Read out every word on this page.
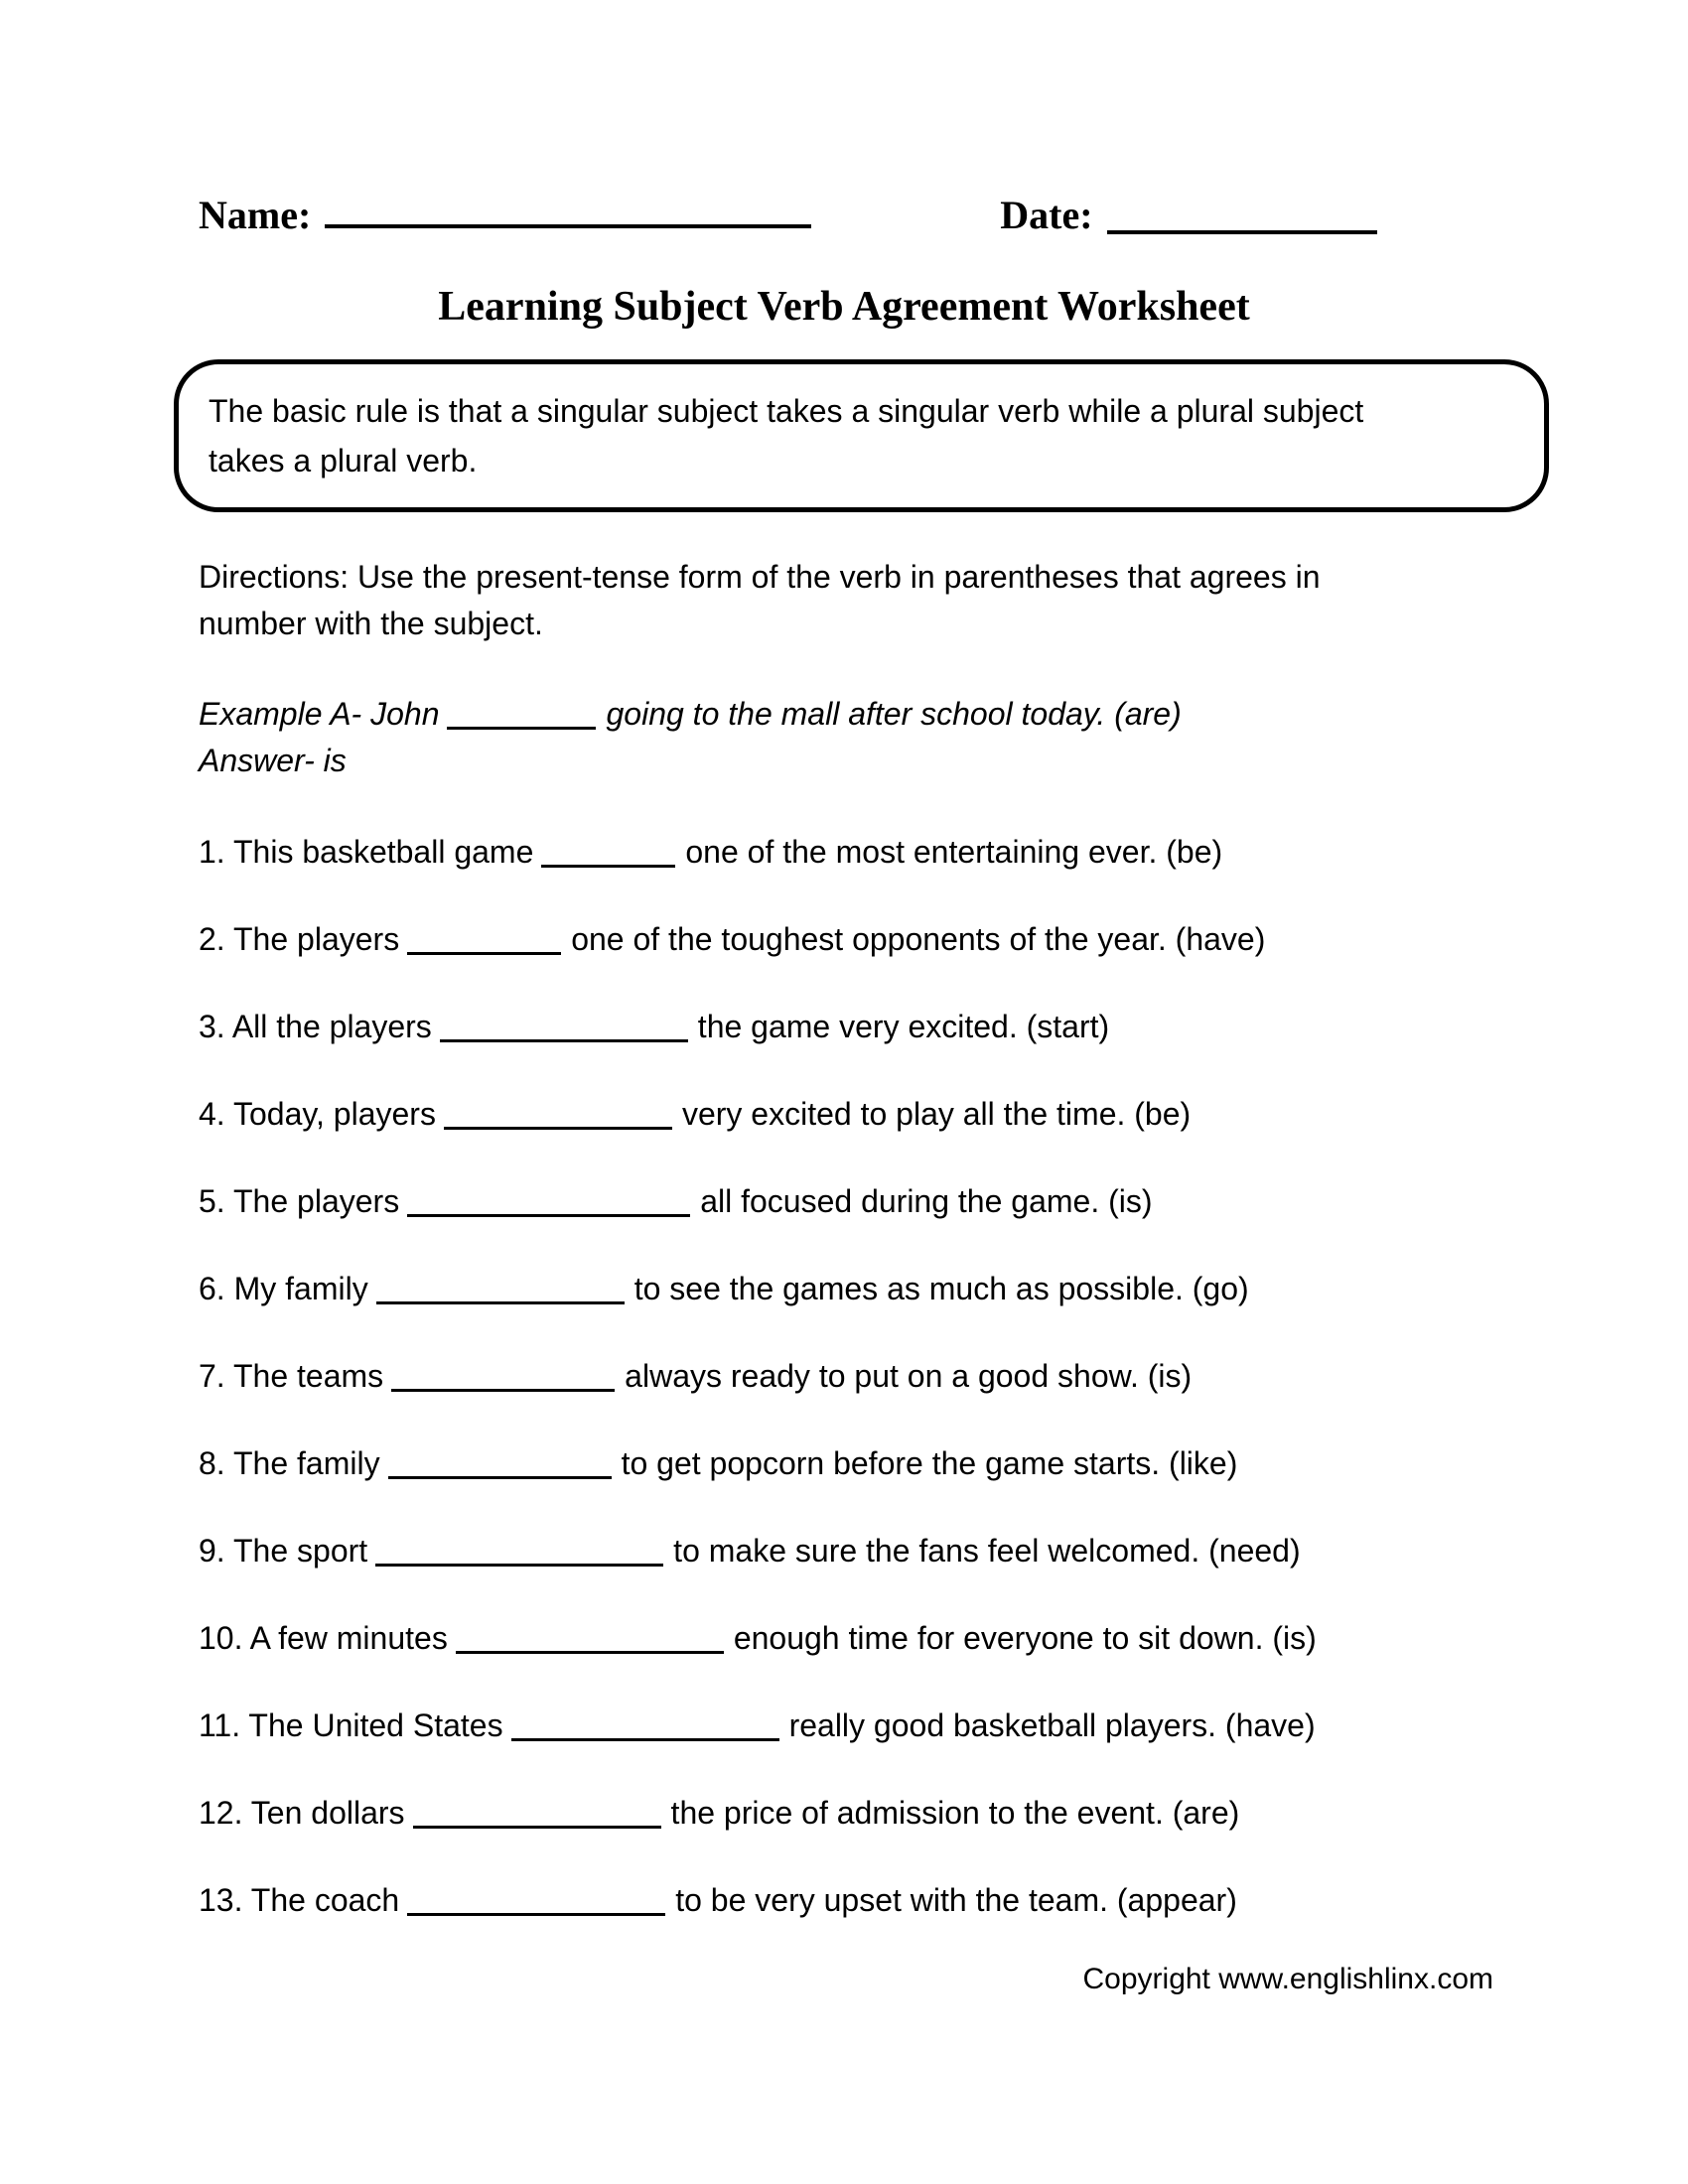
Name:	Date:
Learning Subject Verb Agreement Worksheet
The basic rule is that a singular subject takes a singular verb while a plural subject
takes a plural verb.
Directions: Use the present-tense form of the verb in parentheses that agrees in
number with the subject.
Example A- John	going to the mall after school today. (are)
Answer- is
1. This basketball game	one of the most entertaining ever. (be)
2. The players	one of the toughest opponents of the year. (have)
3. All the players	the game very excited. (start)
4. Today, players	very excited to play all the time. (be)
5. The players	all focused during the game. (is)
6. My family	to see the games as much as possible. (go)
7. The teams	always ready to put on a good show. (is)
8. The family	to get popcorn before the game starts. (like)
9. The sport	to make sure the fans feel welcomed. (need)
10. A few minutes	enough time for everyone to sit down. (is)
11. The United States	really good basketball players. (have)
12. Ten dollars	the price of admission to the event. (are)
13. The coach	to be very upset with the team. (appear)
Copyright www.englishlinx.com
